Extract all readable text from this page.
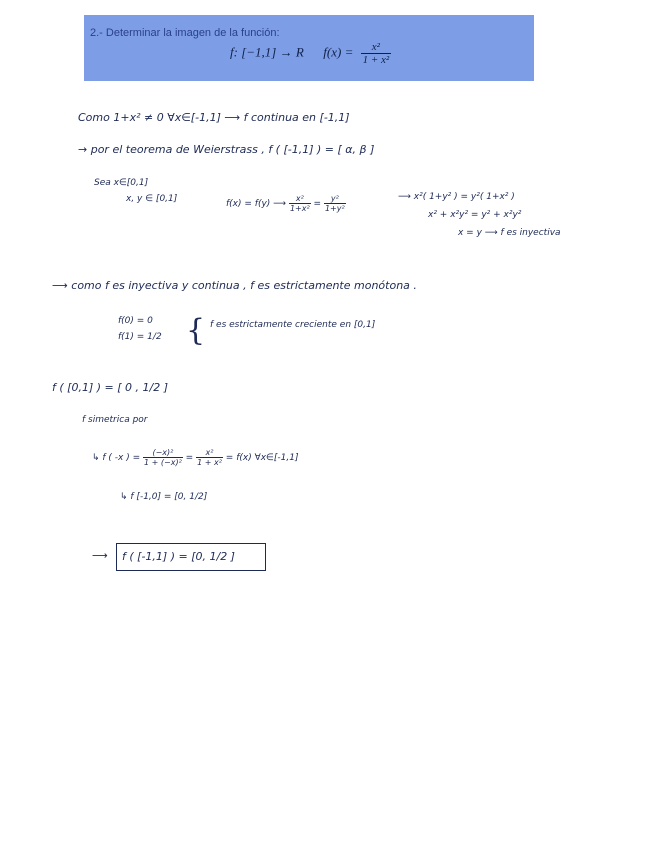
2.- Determinar la imagen de la función:
f: [−1,1] → R $f(x) = \frac{\text{x²}}{\text{1 + x²}}$
Como 1+x² ≠ 0 ∀x∈[-1,1] ⟶ f continua en [-1,1]
→ por el teorema de Weierstrass , f ( [-1,1] ) = [ α, β ]
Sea x∈[0,1]
x, y ∈ [0,1]	f(x) = f(y) ⟶ $\frac{\text{x²}}{\text{1+x²}} = \frac{\text{y²}}{\text{1+y²}}$	⟶ x²( 1+y² ) = y²( 1+x² )
x² + x²y² = y² + x²y²
x = y ⟶ f es inyectiva
⟶ como f es inyectiva y continua , f es estrictamente monótona .
f(0) = 0
f(1) = 1/2 { f es estrictamente creciente en [0,1]
f ( [0,1] ) = [ 0 , 1/2 ]
f simetrica por
↳ f ( -x ) = $\frac{\text{(−x)²}}{\text{1 + (−x)²}} = \frac{\text{x²}}{\text{1 + x²}} = f(x)$ ∀x∈[-1,1]
↳ f [-1,0] = [0, 1/2]
⟶ f ( [-1,1] ) = [0, 1/2 ]
